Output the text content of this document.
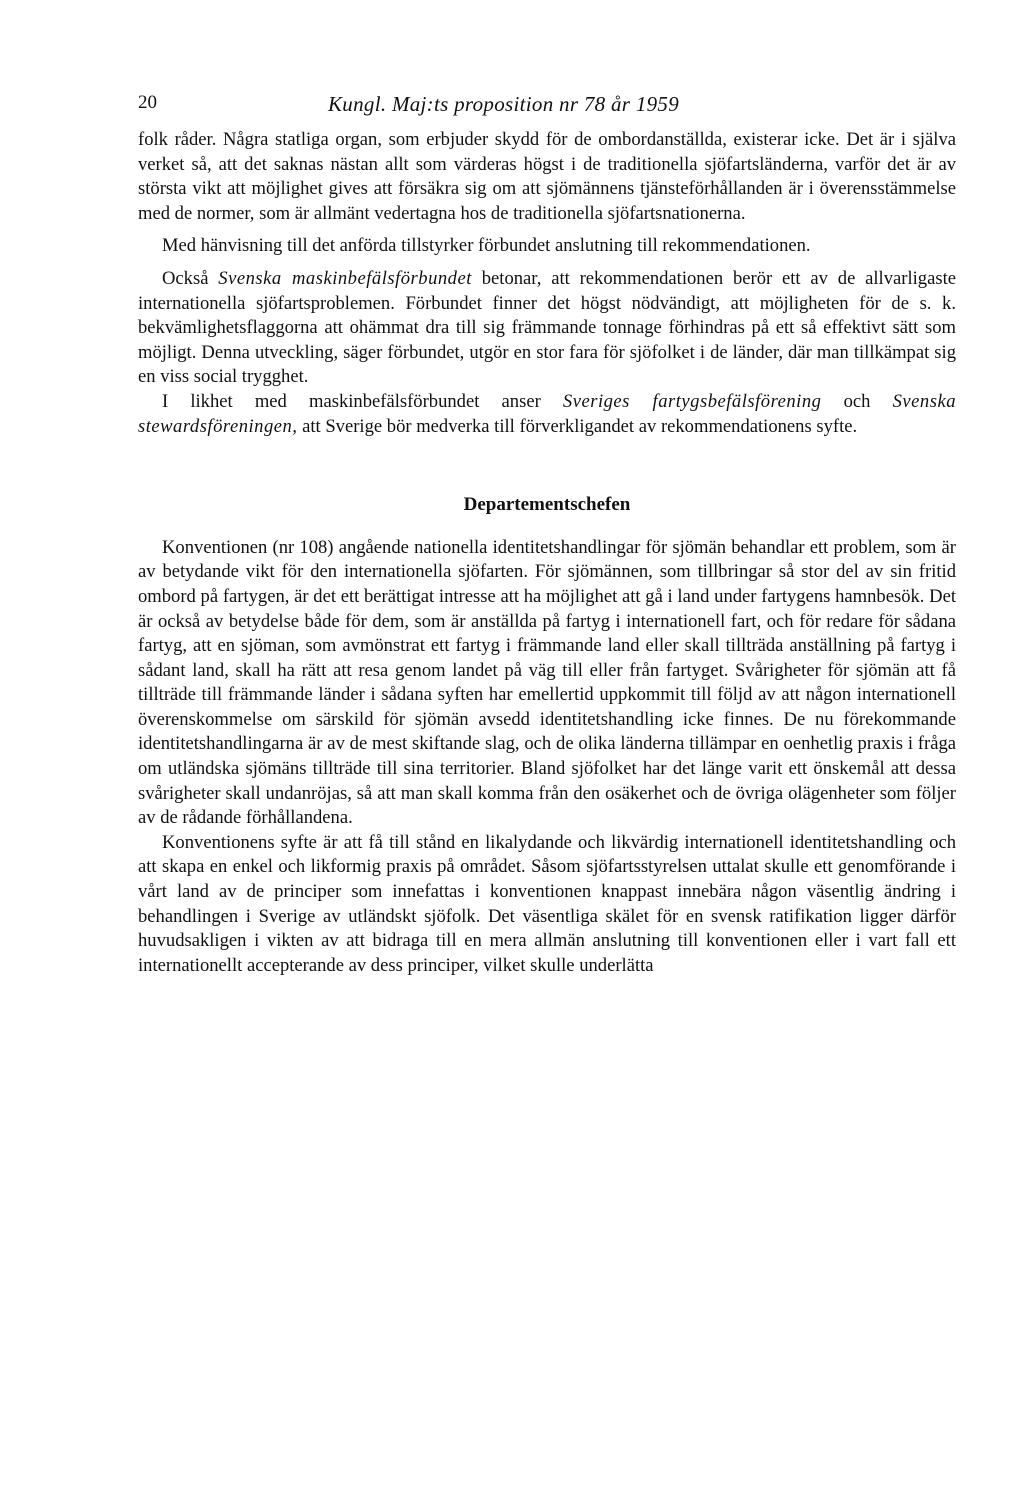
20	Kungl. Maj:ts proposition nr 78 år 1959

folk råder. Några statliga organ, som erbjuder skydd för de ombordanställda, existerar icke. Det är i själva verket så, att det saknas nästan allt som värderas högst i de traditionella sjöfartsländerna, varför det är av största vikt att möjlighet gives att försäkra sig om att sjömännens tjänsteförhållanden är i överensstämmelse med de normer, som är allmänt vedertagna hos de traditionella sjöfartsnationerna.

Med hänvisning till det anförda tillstyrker förbundet anslutning till rekommendationen.

Också Svenska maskinbefälsförbundet betonar, att rekommendationen berör ett av de allvarligaste internationella sjöfartsproblemen. Förbundet finner det högst nödvändigt, att möjligheten för de s. k. bekvämlighetsflaggorna att ohämmat dra till sig främmande tonnage förhindras på ett så effektivt sätt som möjligt. Denna utveckling, säger förbundet, utgör en stor fara för sjöfolket i de länder, där man tillkämpat sig en viss social trygghet.

I likhet med maskinbefälsförbundet anser Sveriges fartygsbefälsförening och Svenska stewardsföreningen, att Sverige bör medverka till förverkligandet av rekommendationens syfte.

Departementschefen

Konventionen (nr 108) angående nationella identitetshandlingar för sjömän behandlar ett problem, som är av betydande vikt för den internationella sjöfarten. För sjömännen, som tillbringar så stor del av sin fritid ombord på fartygen, är det ett berättigat intresse att ha möjlighet att gå i land under fartygens hamnbesök. Det är också av betydelse både för dem, som är anställda på fartyg i internationell fart, och för redare för sådana fartyg, att en sjöman, som avmönstrat ett fartyg i främmande land eller skall tillträda anställning på fartyg i sådant land, skall ha rätt att resa genom landet på väg till eller från fartyget. Svårigheter för sjömän att få tillträde till främmande länder i sådana syften har emellertid uppkommit till följd av att någon internationell överenskommelse om särskild för sjömän avsedd identitetshandling icke finnes. De nu förekommande identitetshandlingarna är av de mest skiftande slag, och de olika länderna tillämpar en oenhetlig praxis i fråga om utländska sjömäns tillträde till sina territorier. Bland sjöfolket har det länge varit ett önskemål att dessa svårigheter skall undanröjas, så att man skall komma från den osäkerhet och de övriga olägenheter som följer av de rådande förhållandena.

Konventionens syfte är att få till stånd en likalydande och likvärdig internationell identitetshandling och att skapa en enkel och likformig praxis på området. Såsom sjöfartsstyrelsen uttalat skulle ett genomförande i vårt land av de principer som innefattas i konventionen knappast innebära någon väsentlig ändring i behandlingen i Sverige av utländskt sjöfolk. Det väsentliga skälet för en svensk ratifikation ligger därför huvudsakligen i vikten av att bidraga till en mera allmän anslutning till konventionen eller i vart fall ett internationellt accepterande av dess principer, vilket skulle underlätta
